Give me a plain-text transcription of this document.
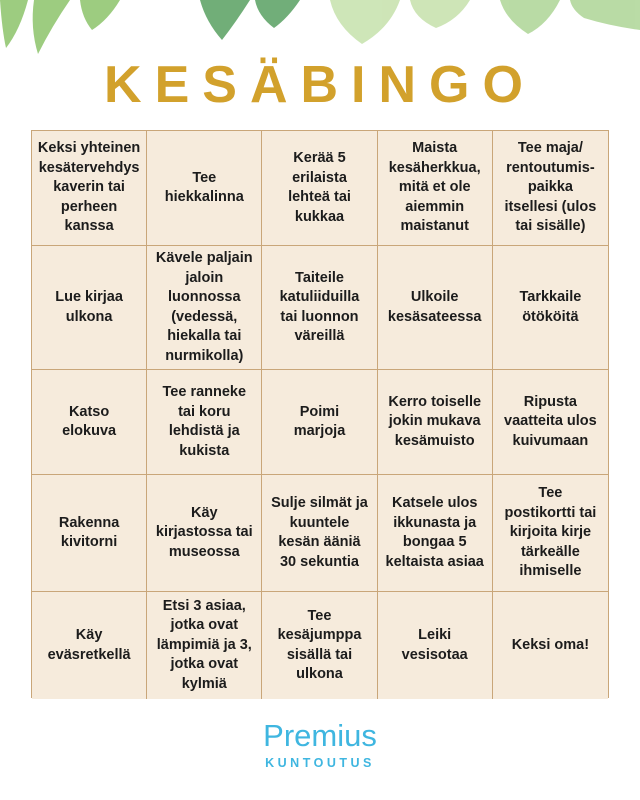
KESÄBINGO
Keksi yhteinen
kesätervehdys
kaverin tai
perheen
kanssa
Tee
hiekkalinna
Kerää 5
erilaista
lehteä tai
kukkaa
Maista
kesäherkkua,
mitä et ole
aiemmin
maistanut
Tee maja/
rentoutumis-
paikka
itsellesi (ulos
tai sisälle)
Lue kirjaa
ulkona
Kävele paljain
jaloin
luonnossa
(vedessä,
hiekalla tai
nurmikolla)
Taiteile
katuliiduilla
tai luonnon
väreillä
Ulkoile
kesäsateessa
Tarkkaile
ötököitä
Katso
elokuva
Tee ranneke
tai koru
lehdistä ja
kukista
Poimi
marjoja
Kerro toiselle
jokin mukava
kesämuisto
Ripusta
vaatteita ulos
kuivumaan
Rakenna
kivitorni
Käy
kirjastossa tai
museossa
Sulje silmät ja
kuuntele
kesän ääniä
30 sekuntia
Katsele ulos
ikkunasta ja
bongaa 5
keltaista asiaa
Tee
postikortti tai
kirjoita kirje
tärkeälle
ihmiselle
Käy
eväsretkellä
Etsi 3 asiaa,
jotka ovat
lämpimiä ja 3,
jotka ovat
kylmiä
Tee
kesäjumppa
sisällä tai
ulkona
Leiki
vesisotaa
Keksi oma!
Premius
KUNTOUTUS
